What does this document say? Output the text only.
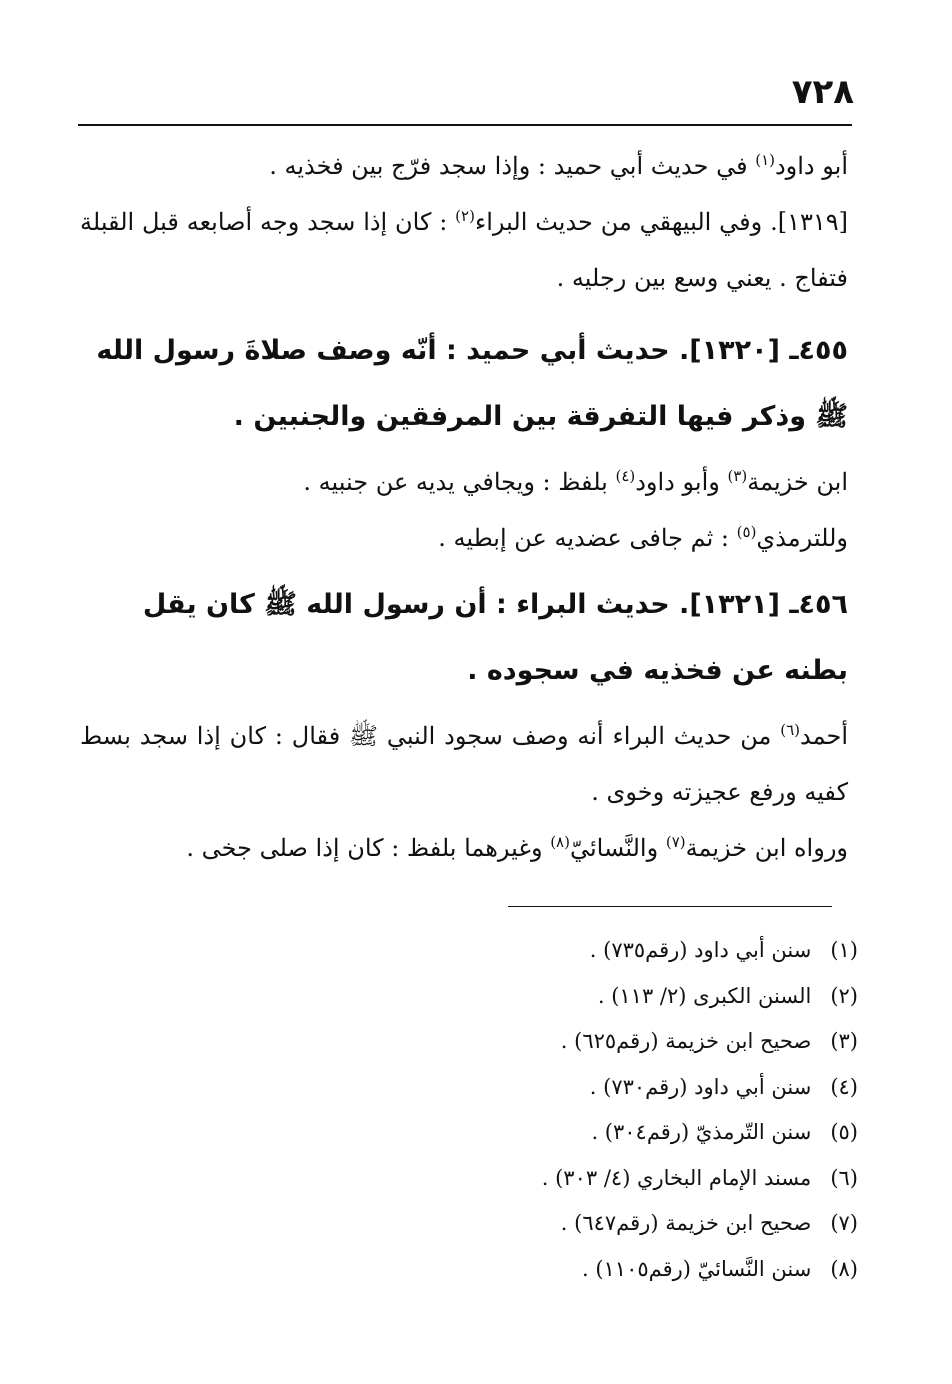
٧٢٨

أبو داود$^{(١)}$ في حديث أبي حميد : وإذا سجد فرّج بين فخذيه .

[١٣١٩]. وفي البيهقي من حديث البراء$^{(٢)}$ : كان إذا سجد وجه أصابعه قبل القبلة فتفاج . يعني وسع بين رجليه .

٤٥٥ـ [١٣٢٠]. حديث أبي حميد : أنّه وصف صلاةَ رسول الله ﷺ وذكر فيها التفرقة بين المرفقين والجنبين .

ابن خزيمة$^{(٣)}$ وأبو داود$^{(٤)}$ بلفظ : ويجافي يديه عن جنبيه .

وللترمذي$^{(٥)}$ : ثم جافى عضديه عن إبطيه .

٤٥٦ـ [١٣٢١]. حديث البراء : أن رسول الله ﷺ كان يقل بطنه عن فخذيه في سجوده .

أحمد$^{(٦)}$ من حديث البراء أنه وصف سجود النبي ﷺ فقال : كان إذا سجد بسط كفيه ورفع عجيزته وخوى .

ورواه ابن خزيمة$^{(٧)}$ والنَّسائيّ$^{(٨)}$ وغيرهما بلفظ : كان إذا صلى جخى .

(١) سنن أبي داود (رقم٧٣٥) .

(٢) السنن الكبرى (٢/ ١١٣) .

(٣) صحيح ابن خزيمة (رقم٦٢٥) .

(٤) سنن أبي داود (رقم٧٣٠) .

(٥) سنن التّرمذيّ (رقم٣٠٤) .

(٦) مسند الإمام البخاري (٤/ ٣٠٣) .

(٧) صحيح ابن خزيمة (رقم٦٤٧) .

(٨) سنن النَّسائيّ (رقم١١٠٥) .
